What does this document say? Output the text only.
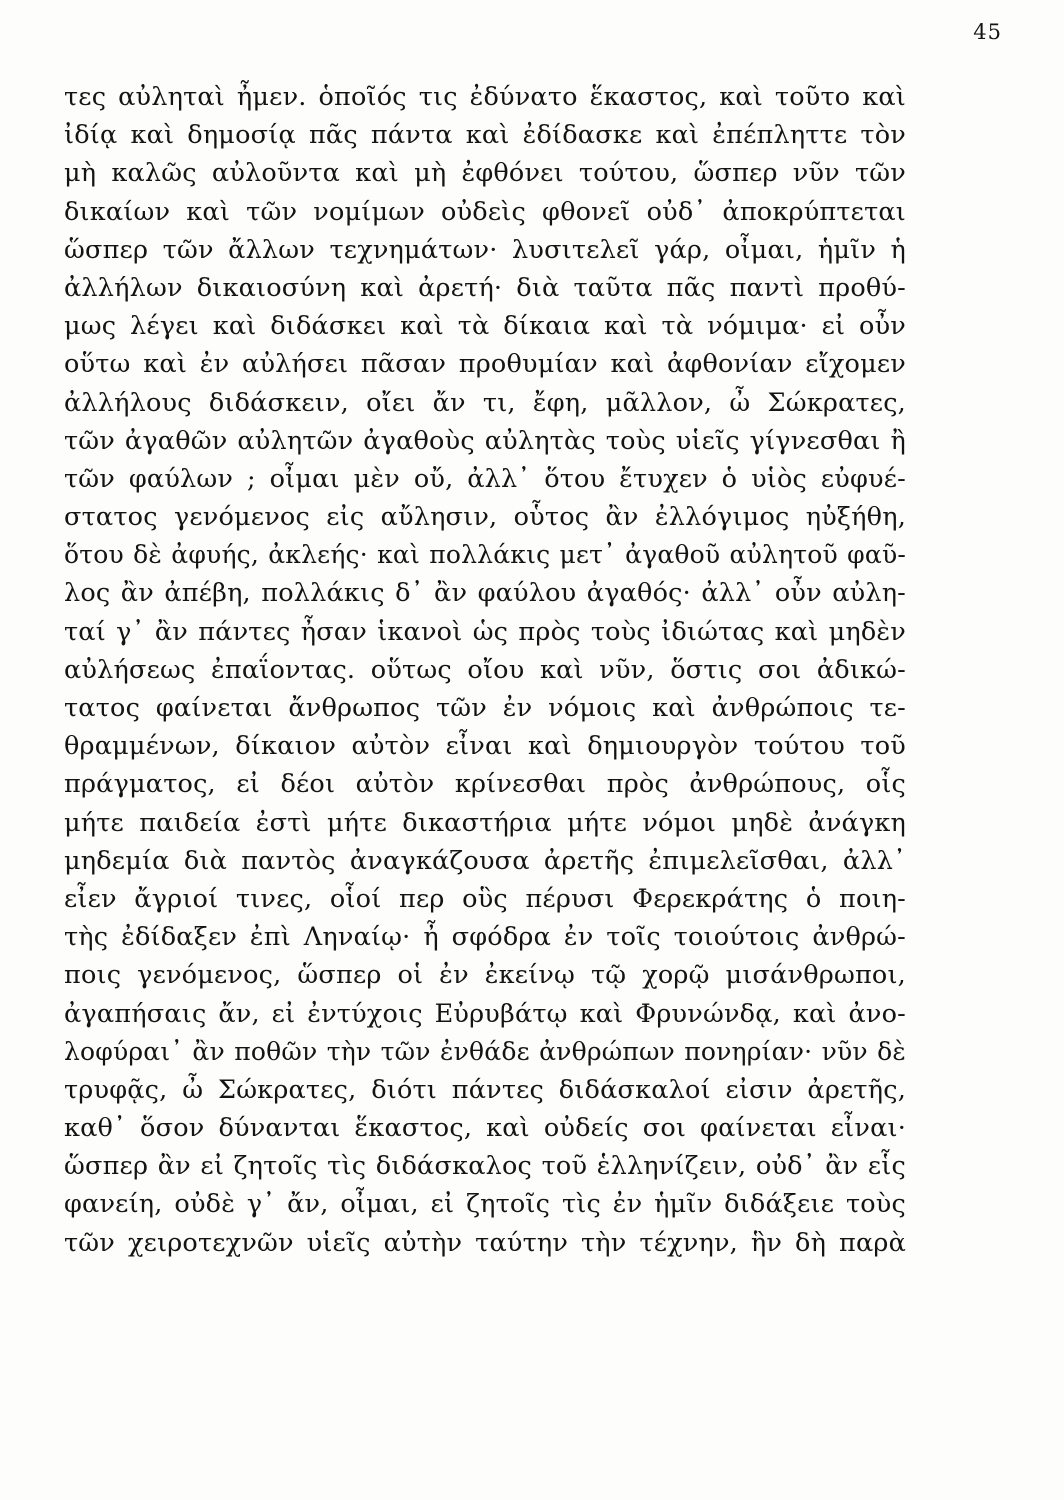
45
τες αὐληταὶ ἦμεν. ὁποῖός τις ἐδύνατο ἕκαστος, καὶ τοῦτο καὶ
ἰδίᾳ καὶ δημοσίᾳ πᾶς πάντα καὶ ἐδίδασκε καὶ ἐπέπληττε τὸν
μὴ καλῶς αὐλοῦντα καὶ μὴ ἐφθόνει τούτου, ὥσπερ νῦν τῶν
δικαίων καὶ τῶν νομίμων οὐδεὶς φθονεῖ οὐδ᾽ ἀποκρύπτεται
ὥσπερ τῶν ἄλλων τεχνημάτων· λυσιτελεῖ γάρ, οἶμαι, ἡμῖν ἡ
ἀλλήλων δικαιοσύνη καὶ ἀρετή· διὰ ταῦτα πᾶς παντὶ προθύ-
μως λέγει καὶ διδάσκει καὶ τὰ δίκαια καὶ τὰ νόμιμα· εἰ οὖν
οὕτω καὶ ἐν αὐλήσει πᾶσαν προθυμίαν καὶ ἀφθονίαν εἴχομεν
ἀλλήλους διδάσκειν, οἴει ἄν τι, ἔφη, μᾶλλον, ὦ Σώκρατες,
τῶν ἀγαθῶν αὐλητῶν ἀγαθοὺς αὐλητὰς τοὺς υἱεῖς γίγνεσθαι ἢ
τῶν φαύλων ; οἶμαι μὲν οὔ, ἀλλ᾽ ὅτου ἔτυχεν ὁ υἱὸς εὐφυέ-
στατος γενόμενος εἰς αὔλησιν, οὗτος ἂν ἐλλόγιμος ηὐξήθη,
ὅτου δὲ ἀφυής, ἀκλεής· καὶ πολλάκις μετ᾽ ἀγαθοῦ αὐλητοῦ φαῦ-
λος ἂν ἀπέβη, πολλάκις δ᾽ ἂν φαύλου ἀγαθός· ἀλλ᾽ οὖν αὐλη-
ταί γ᾽ ἂν πάντες ἦσαν ἱκανοὶ ὡς πρὸς τοὺς ἰδιώτας καὶ μηδὲν
αὐλήσεως ἐπαΐοντας. οὕτως οἴου καὶ νῦν, ὅστις σοι ἀδικώ-
τατος φαίνεται ἄνθρωπος τῶν ἐν νόμοις καὶ ἀνθρώποις τε-
θραμμένων, δίκαιον αὐτὸν εἶναι καὶ δημιουργὸν τούτου τοῦ
πράγματος, εἰ δέοι αὐτὸν κρίνεσθαι πρὸς ἀνθρώπους, οἷς
μήτε παιδεία ἐστὶ μήτε δικαστήρια μήτε νόμοι μηδὲ ἀνάγκη
μηδεμία διὰ παντὸς ἀναγκάζουσα ἀρετῆς ἐπιμελεῖσθαι, ἀλλ᾽
εἶεν ἄγριοί τινες, οἷοί περ οὓς πέρυσι Φερεκράτης ὁ ποιη-
τὴς ἐδίδαξεν ἐπὶ Ληναίῳ· ἦ σφόδρα ἐν τοῖς τοιούτοις ἀνθρώ-
ποις γενόμενος, ὥσπερ οἱ ἐν ἐκείνῳ τῷ χορῷ μισάνθρωποι,
ἀγαπήσαις ἄν, εἰ ἐντύχοις Εὐρυβάτῳ καὶ Φρυνώνδᾳ, καὶ ἀνο-
λοφύραι᾽ ἂν ποθῶν τὴν τῶν ἐνθάδε ἀνθρώπων πονηρίαν· νῦν δὲ
τρυφᾷς, ὦ Σώκρατες, διότι πάντες διδάσκαλοί εἰσιν ἀρετῆς,
καθ᾽ ὅσον δύνανται ἕκαστος, καὶ οὐδείς σοι φαίνεται εἶναι·
ὥσπερ ἂν εἰ ζητοῖς τὶς διδάσκαλος τοῦ ἑλληνίζειν, οὐδ᾽ ἂν εἷς
φανείη, οὐδὲ γ᾽ ἄν, οἶμαι, εἰ ζητοῖς τὶς ἐν ἡμῖν διδάξειε τοὺς
τῶν χειροτεχνῶν υἱεῖς αὐτὴν ταύτην τὴν τέχνην, ἣν δὴ παρὰ
